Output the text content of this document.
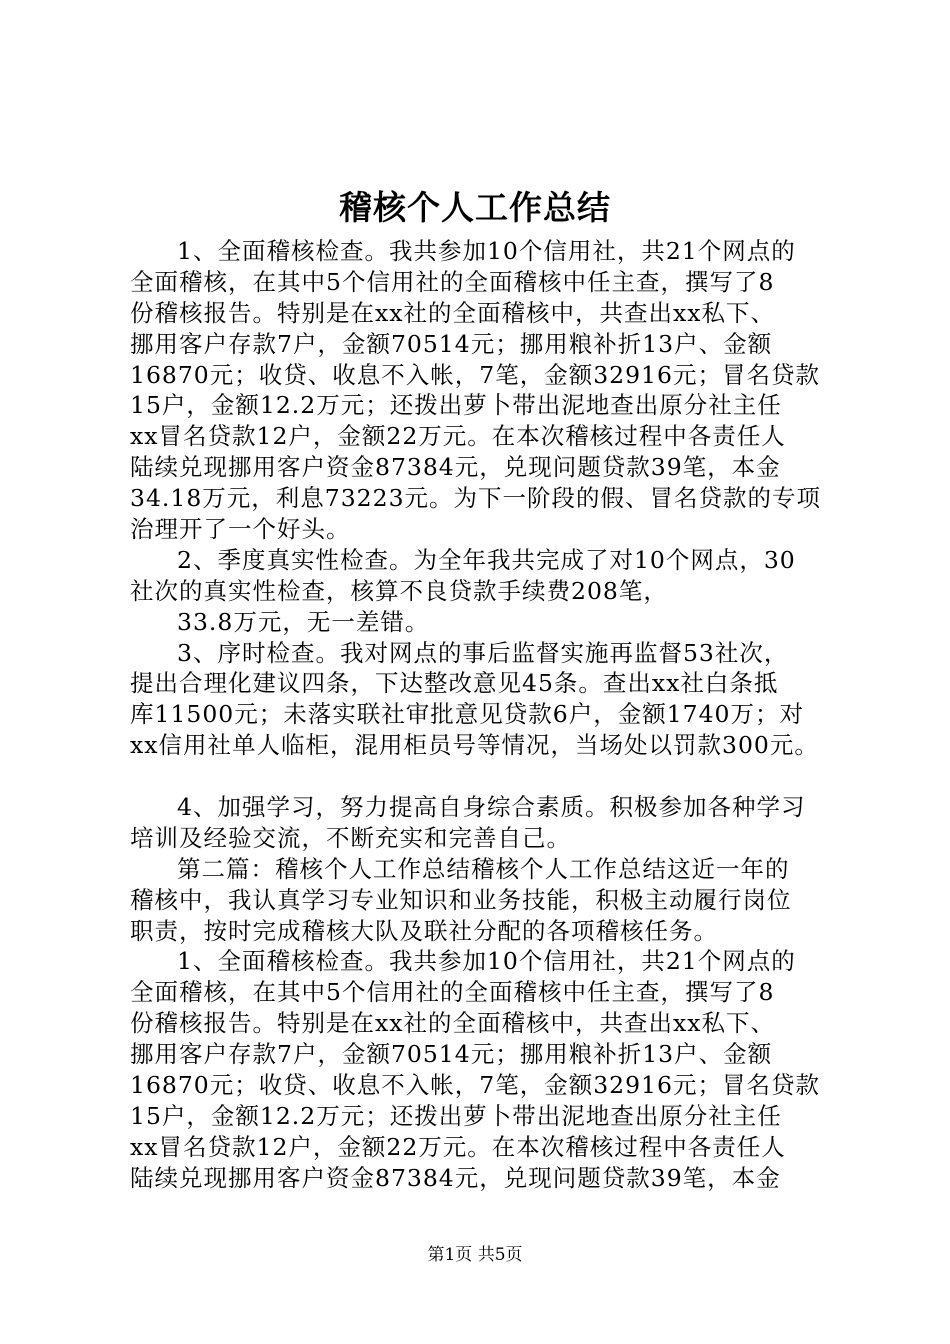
稽核个人工作总结
1、全面稽核检查。我共参加10个信用社，共21个网点的
全面稽核，在其中5个信用社的全面稽核中任主查，撰写了8
份稽核报告。特别是在xx社的全面稽核中，共查出xx私下、
挪用客户存款7户，金额70514元；挪用粮补折13户、金额
16870元；收贷、收息不入帐，7笔，金额32916元；冒名贷款
15户，金额12.2万元；还拨出萝卜带出泥地查出原分社主任
xx冒名贷款12户，金额22万元。在本次稽核过程中各责任人
陆续兑现挪用客户资金87384元，兑现问题贷款39笔，本金
34.18万元，利息73223元。为下一阶段的假、冒名贷款的专项
治理开了一个好头。
2、季度真实性检查。为全年我共完成了对10个网点，30
社次的真实性检查，核算不良贷款手续费208笔，
33.8万元，无一差错。
3、序时检查。我对网点的事后监督实施再监督53社次，
提出合理化建议四条，下达整改意见45条。查出xx社白条抵
库11500元；未落实联社审批意见贷款6户，金额1740万；对
xx信用社单人临柜，混用柜员号等情况，当场处以罚款300元。
4、加强学习，努力提高自身综合素质。积极参加各种学习
培训及经验交流，不断充实和完善自己。
第二篇：稽核个人工作总结稽核个人工作总结这近一年的
稽核中，我认真学习专业知识和业务技能，积极主动履行岗位
职责，按时完成稽核大队及联社分配的各项稽核任务。
1、全面稽核检查。我共参加10个信用社，共21个网点的
全面稽核，在其中5个信用社的全面稽核中任主查，撰写了8
份稽核报告。特别是在xx社的全面稽核中，共查出xx私下、
挪用客户存款7户，金额70514元；挪用粮补折13户、金额
16870元；收贷、收息不入帐，7笔，金额32916元；冒名贷款
15户，金额12.2万元；还拨出萝卜带出泥地查出原分社主任
xx冒名贷款12户，金额22万元。在本次稽核过程中各责任人
陆续兑现挪用客户资金87384元，兑现问题贷款39笔，本金
第1页 共5页
